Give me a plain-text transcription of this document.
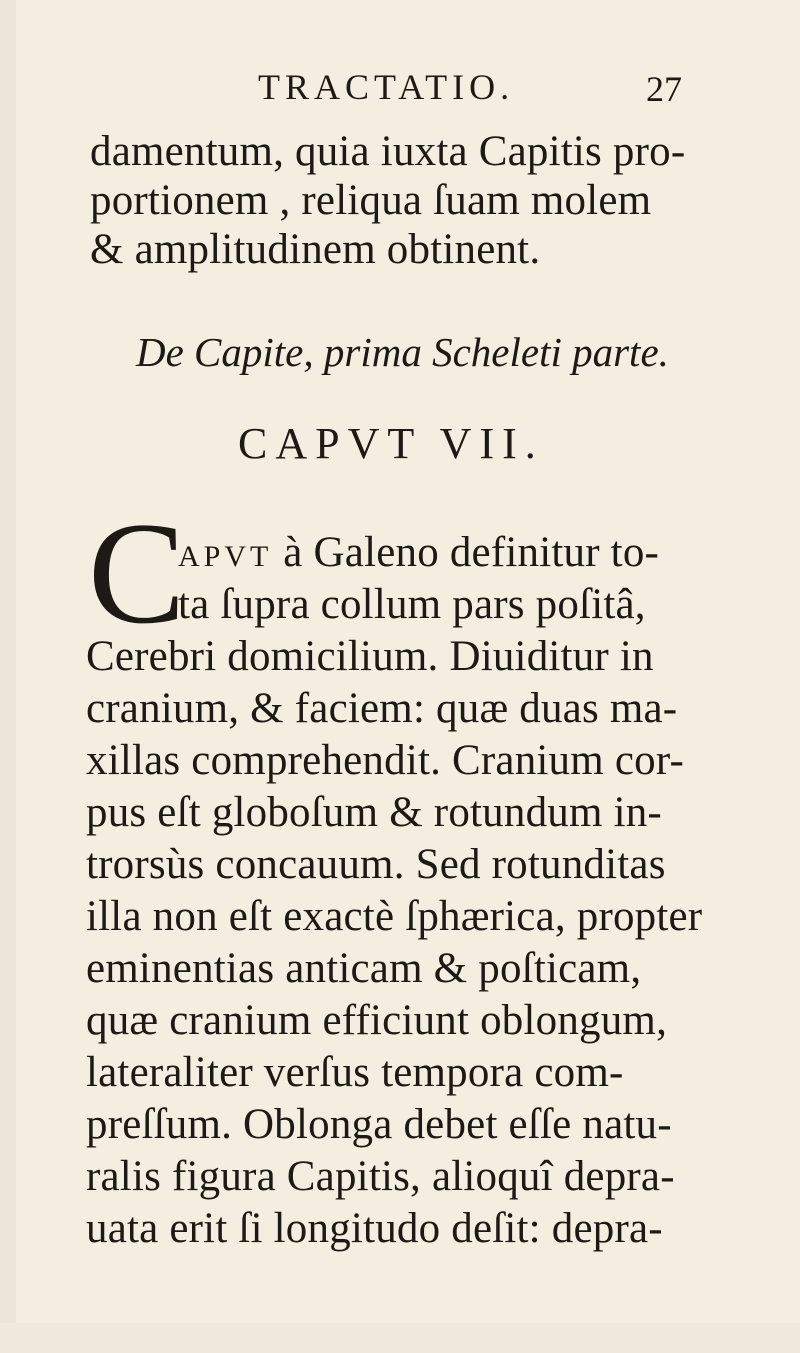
TRACTATIO.	27
damentum, quia iuxta Capitis pro-
portionem , reliqua ſuam molem
& amplitudinem obtinent.
De Capite, prima Scheleti parte.
CAPVT VII.
C
APVT à Galeno definitur to-
ta ſupra collum pars poſitâ,
Cerebri domicilium. Diuiditur in
cranium, & faciem: quæ duas ma-
xillas comprehendit. Cranium cor-
pus eſt globoſum & rotundum in-
trorsùs concauum. Sed rotunditas
illa non eſt exactè ſphærica, propter
eminentias anticam & poſticam,
quæ cranium efficiunt oblongum,
lateraliter verſus tempora com-
preſſum. Oblonga debet eſſe natu-
ralis figura Capitis, alioquî depra-
uata erit ſi longitudo deſit: depra-
